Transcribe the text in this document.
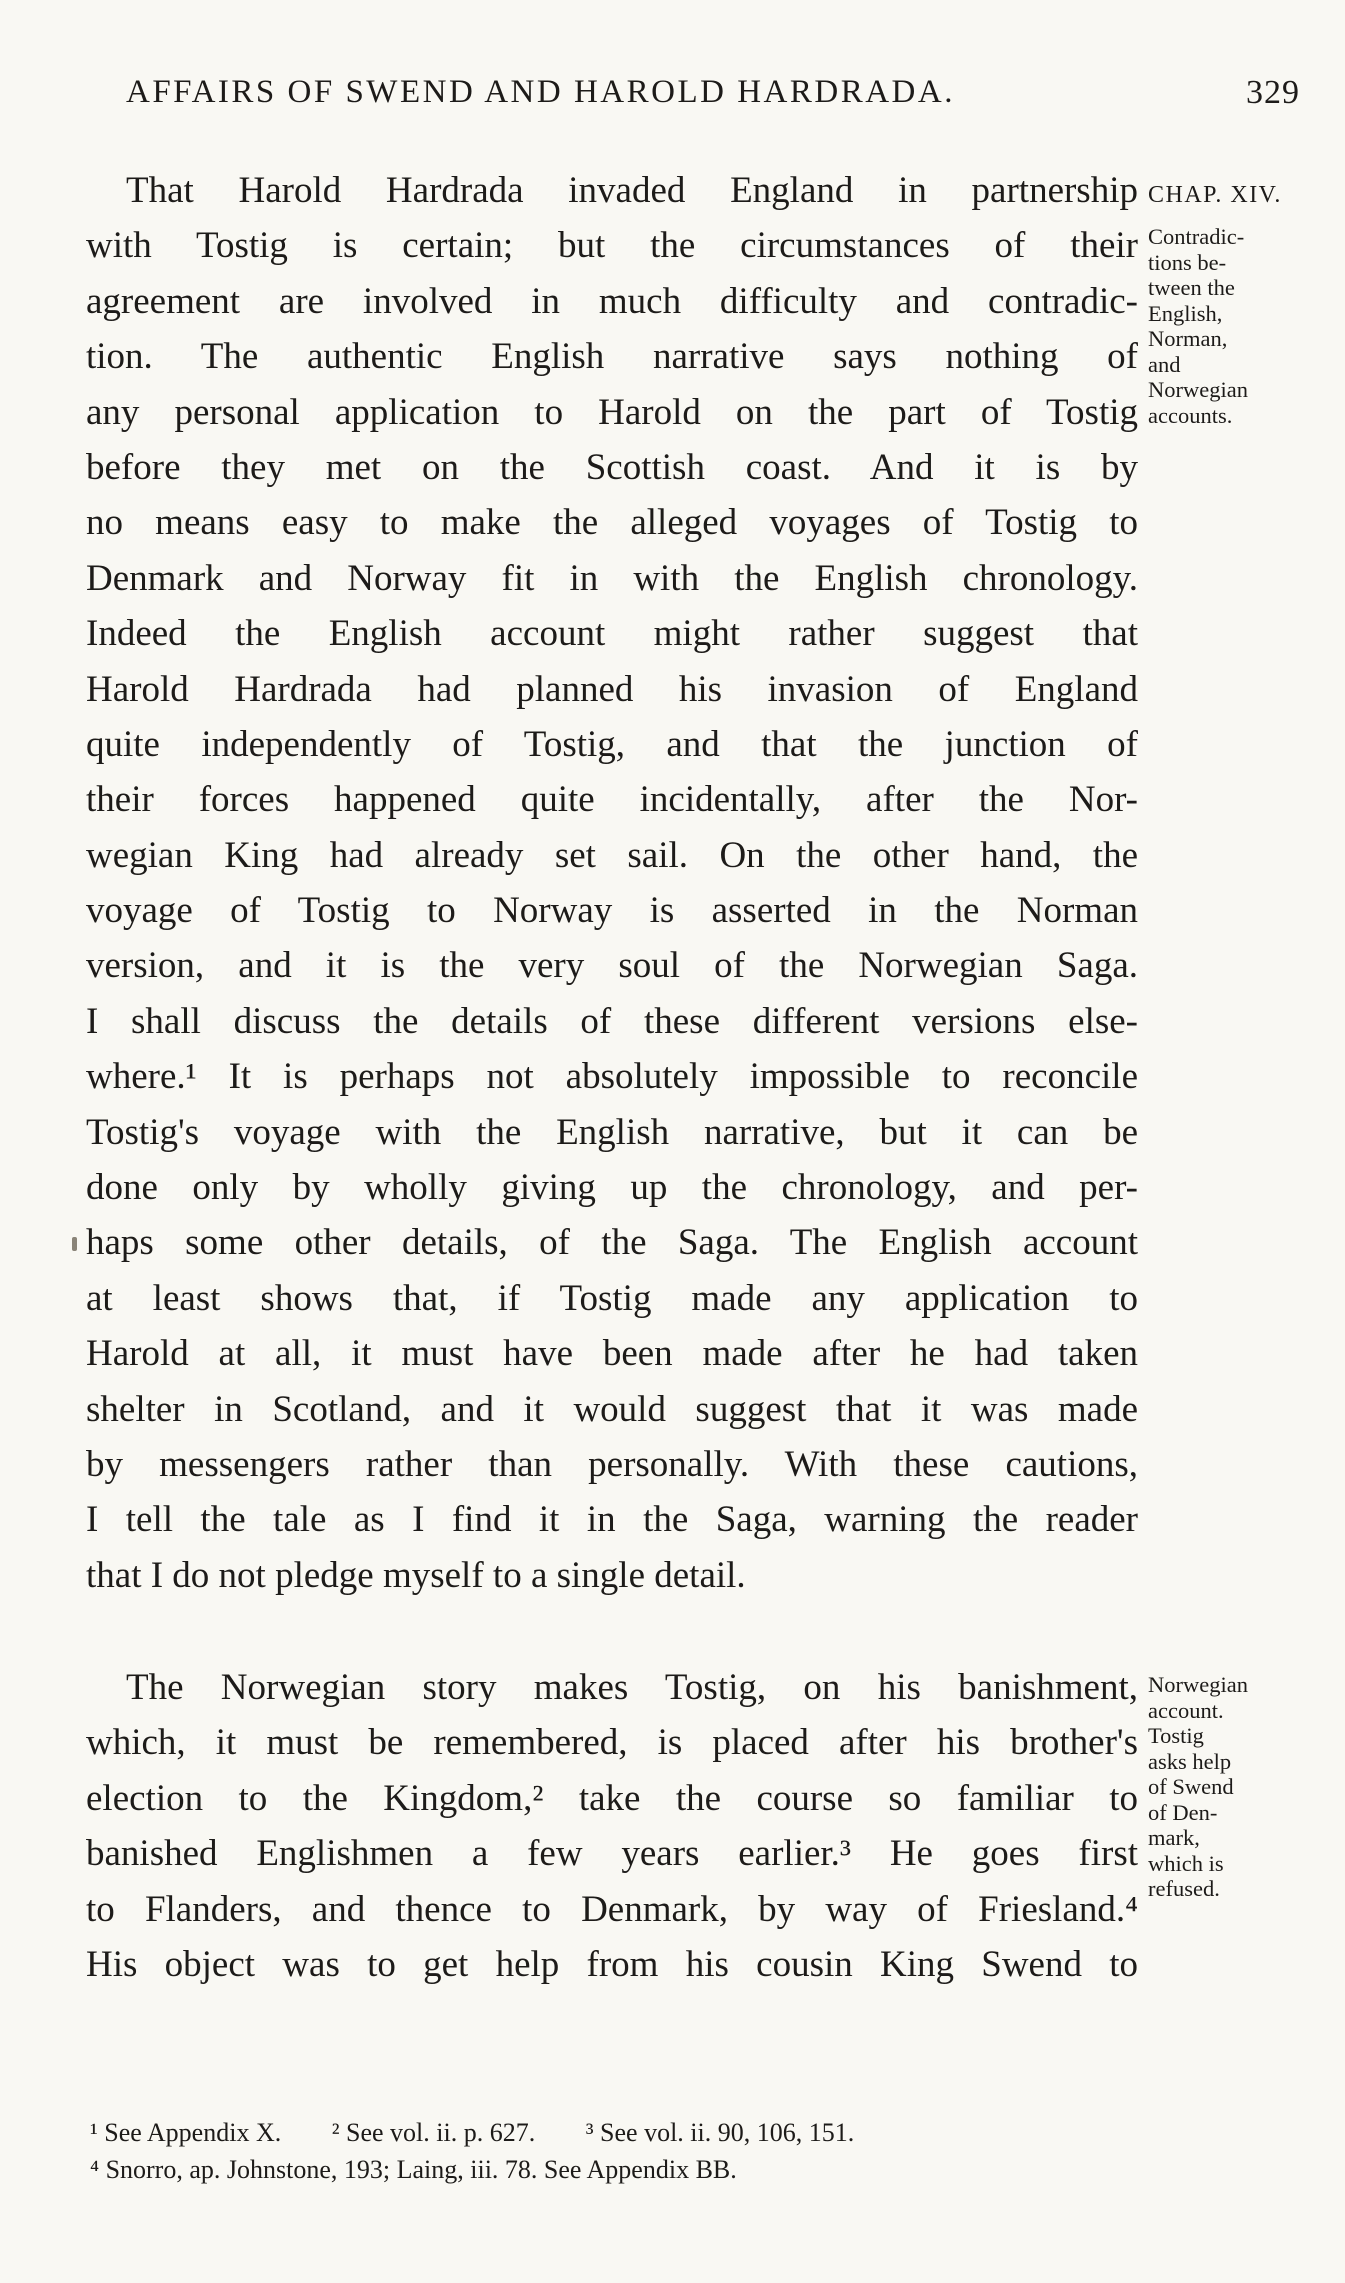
AFFAIRS OF SWEND AND HAROLD HARDRADA.	329
That Harold Hardrada invaded England in partnership
with Tostig is certain; but the circumstances of their
agreement are involved in much difficulty and contradic-
tion. The authentic English narrative says nothing of
any personal application to Harold on the part of Tostig
before they met on the Scottish coast. And it is by
no means easy to make the alleged voyages of Tostig to
Denmark and Norway fit in with the English chronology.
Indeed the English account might rather suggest that
Harold Hardrada had planned his invasion of England
quite independently of Tostig, and that the junction of
their forces happened quite incidentally, after the Nor-
wegian King had already set sail. On the other hand, the
voyage of Tostig to Norway is asserted in the Norman
version, and it is the very soul of the Norwegian Saga.
I shall discuss the details of these different versions else-
where.¹ It is perhaps not absolutely impossible to reconcile
Tostig's voyage with the English narrative, but it can be
done only by wholly giving up the chronology, and per-
haps some other details, of the Saga. The English account
at least shows that, if Tostig made any application to
Harold at all, it must have been made after he had taken
shelter in Scotland, and it would suggest that it was made
by messengers rather than personally. With these cautions,
I tell the tale as I find it in the Saga, warning the reader
that I do not pledge myself to a single detail.
The Norwegian story makes Tostig, on his banishment,
which, it must be remembered, is placed after his brother's
election to the Kingdom,² take the course so familiar to
banished Englishmen a few years earlier.³ He goes first
to Flanders, and thence to Denmark, by way of Friesland.⁴
His object was to get help from his cousin King Swend to
CHAP. XIV.
Contradic-
tions be-
tween the
English,
Norman,
and
Norwegian
accounts.
Norwegian
account.
Tostig
asks help
of Swend
of Den-
mark,
which is
refused.
¹ See Appendix X. ² See vol. ii. p. 627. ³ See vol. ii. 90, 106, 151.
⁴ Snorro, ap. Johnstone, 193; Laing, iii. 78. See Appendix BB.
